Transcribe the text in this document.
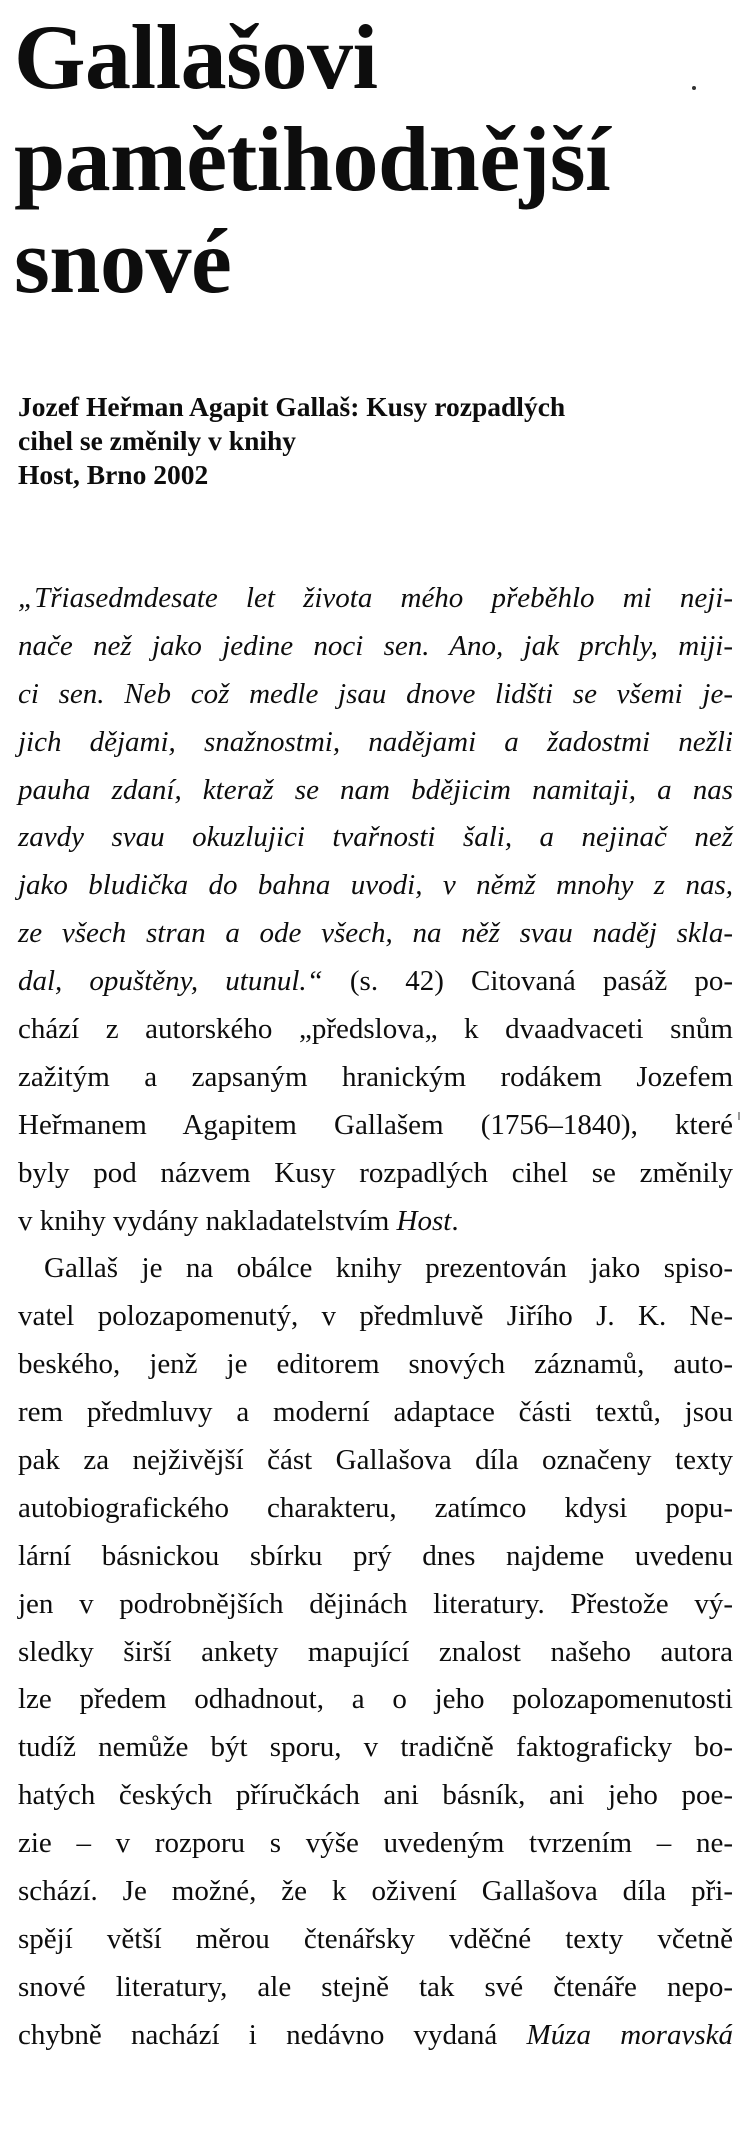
Gallašovi
pamětihodnější
snové
Jozef Heřman Agapit Gallaš: Kusy rozpadlých
cihel se změnily v knihy
Host, Brno 2002
„Třiasedmdesate let života mého přeběhlo mi neji-
nače než jako jedine noci sen. Ano, jak prchly, miji-
ci sen. Neb což medle jsau dnove lidšti se všemi je-
jich dějami, snažnostmi, nadějami a žadostmi nežli
pauha zdaní, kteraž se nam bdějicim namitaji, a nas
zavdy svau okuzlujici tvařnosti šali, a nejinač než
jako bludička do bahna uvodi, v němž mnohy z nas,
ze všech stran a ode všech, na něž svau naděj skla-
dal, opuštěny, utunul.“ (s. 42) Citovaná pasáž po-
chází z autorského „předslova„ k dvaadvaceti snům
zažitým a zapsaným hranickým rodákem Jozefem
Heřmanem Agapitem Gallašem (1756–1840), které
byly pod názvem Kusy rozpadlých cihel se změnily
v knihy vydány nakladatelstvím Host.
Gallaš je na obálce knihy prezentován jako spiso-
vatel polozapomenutý, v předmluvě Jiřího J. K. Ne-
beského, jenž je editorem snových záznamů, auto-
rem předmluvy a moderní adaptace části textů, jsou
pak za nejživější část Gallašova díla označeny texty
autobiografického charakteru, zatímco kdysi popu-
lární básnickou sbírku prý dnes najdeme uvedenu
jen v podrobnějších dějinách literatury. Přestože vý-
sledky širší ankety mapující znalost našeho autora
lze předem odhadnout, a o jeho polozapomenutosti
tudíž nemůže být sporu, v tradičně faktograficky bo-
hatých českých příručkách ani básník, ani jeho poe-
zie – v rozporu s výše uvedeným tvrzením – ne-
schází. Je možné, že k oživení Gallašova díla při-
spějí větší měrou čtenářsky vděčné texty včetně
snové literatury, ale stejně tak své čtenáře nepo-
chybně nachází i nedávno vydaná Múza moravská
